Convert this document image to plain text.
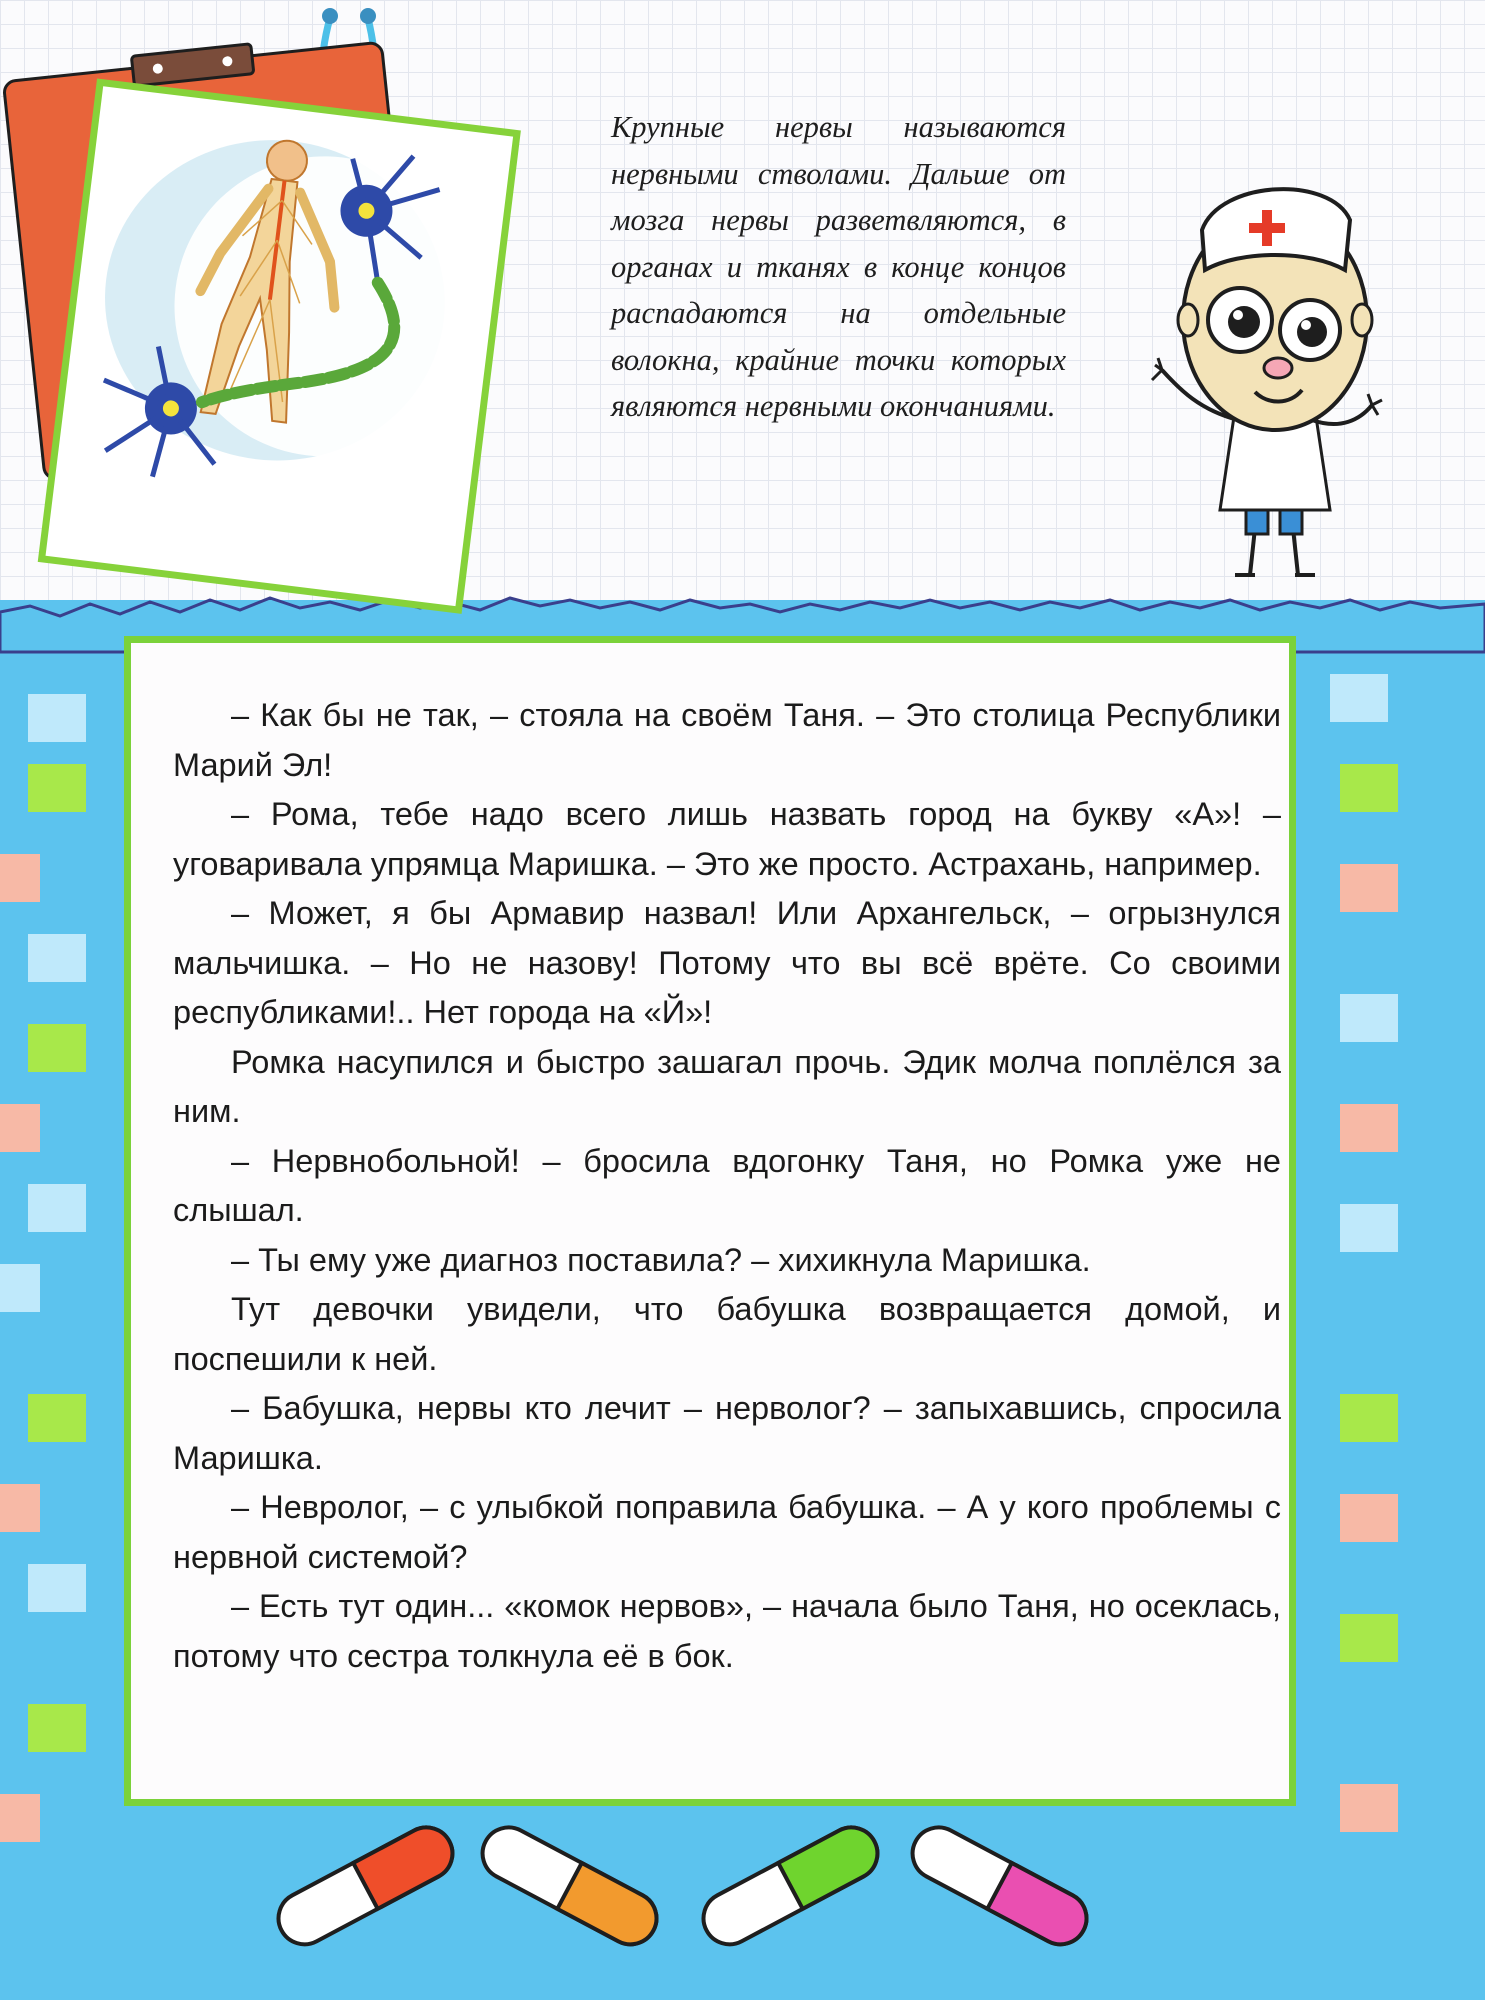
Крупные нервы называются нервными стволами. Дальше от мозга нервы разветвляются, в органах и тканях в конце концов распадаются на отдельные волокна, крайние точки которых являются нервными окончаниями.

– Как бы не так, – стояла на своём Таня. – Это столица Республики Марий Эл!

– Рома, тебе надо всего лишь назвать город на букву «А»! – уговаривала упрямца Маришка. – Это же просто. Астрахань, например.

– Может, я бы Армавир назвал! Или Архангельск, – огрызнулся мальчишка. – Но не назову! Потому что вы всё врёте. Со своими республиками!.. Нет города на «Й»!

Ромка насупился и быстро зашагал прочь. Эдик молча поплёлся за ним.

– Нервнобольной! – бросила вдогонку Таня, но Ромка уже не слышал.

– Ты ему уже диагноз поставила? – хихикнула Маришка.

Тут девочки увидели, что бабушка возвращается домой, и поспешили к ней.

– Бабушка, нервы кто лечит – нерволог? – запыхавшись, спросила Маришка.

– Невролог, – с улыбкой поправила бабушка. – А у кого проблемы с нервной системой?

– Есть тут один... «комок нервов», – начала было Таня, но осеклась, потому что сестра толкнула её в бок.
